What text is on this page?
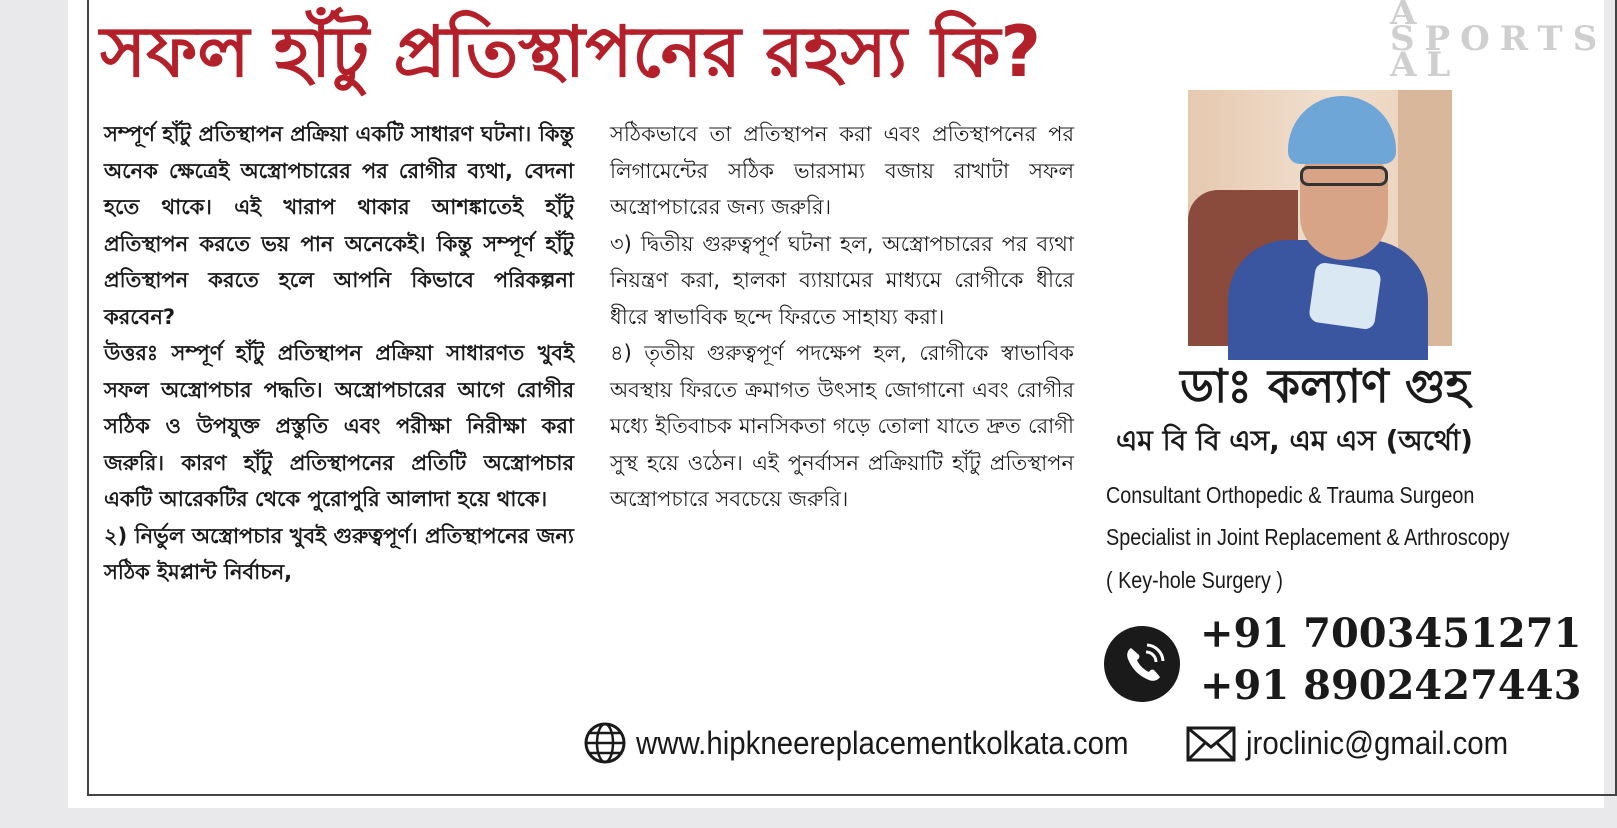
A SPORTS AL
সফল হাঁটু প্রতিস্থাপনের রহস্য কি?

সম্পূর্ণ হাঁটু প্রতিস্থাপন প্রক্রিয়া একটি সাধারণ ঘটনা। কিন্তু অনেক ক্ষেত্রেই অস্ত্রোপচারের পর রোগীর ব্যথা, বেদনা হতে থাকে। এই খারাপ থাকার আশঙ্কাতেই হাঁটু প্রতিস্থাপন করতে ভয় পান অনেকেই। কিন্তু সম্পূর্ণ হাঁটু প্রতিস্থাপন করতে হলে আপনি কিভাবে পরিকল্পনা করবেন?

উত্তরঃ সম্পূর্ণ হাঁটু প্রতিস্থাপন প্রক্রিয়া সাধারণত খুবই সফল অস্ত্রোপচার পদ্ধতি। অস্ত্রোপচারের আগে রোগীর সঠিক ও উপযুক্ত প্রস্তুতি এবং পরীক্ষা নিরীক্ষা করা জরুরি। কারণ হাঁটু প্রতিস্থাপনের প্রতিটি অস্ত্রোপচার একটি আরেকটির থেকে পুরোপুরি আলাদা হয়ে থাকে।

২) নির্ভুল অস্ত্রোপচার খুবই গুরুত্বপূর্ণ। প্রতিস্থাপনের জন্য সঠিক ইমপ্লান্ট নির্বাচন,

সঠিকভাবে তা প্রতিস্থাপন করা এবং প্রতিস্থাপনের পর লিগামেন্টের সঠিক ভারসাম্য বজায় রাখাটা সফল অস্ত্রোপচারের জন্য জরুরি।

৩) দ্বিতীয় গুরুত্বপূর্ণ ঘটনা হল, অস্ত্রোপচারের পর ব্যথা নিয়ন্ত্রণ করা, হালকা ব্যায়ামের মাধ্যমে রোগীকে ধীরে ধীরে স্বাভাবিক ছন্দে ফিরতে সাহায্য করা।

৪) তৃতীয় গুরুত্বপূর্ণ পদক্ষেপ হল, রোগীকে স্বাভাবিক অবস্থায় ফিরতে ক্রমাগত উৎসাহ জোগানো এবং রোগীর মধ্যে ইতিবাচক মানসিকতা গড়ে তোলা যাতে দ্রুত রোগী সুস্থ হয়ে ওঠেন। এই পুনর্বাসন প্রক্রিয়াটি হাঁটু প্রতিস্থাপন অস্ত্রোপচারে সবচেয়ে জরুরি।

ডাঃ কল্যাণ গুহ
এম বি বি এস, এম এস (অর্থো)
Consultant Orthopedic & Trauma Surgeon
Specialist in Joint Replacement & Arthroscopy
( Key-hole Surgery )
+91 7003451271
+91 8902427443
www.hipkneereplacementkolkata.com	jroclinic@gmail.com
